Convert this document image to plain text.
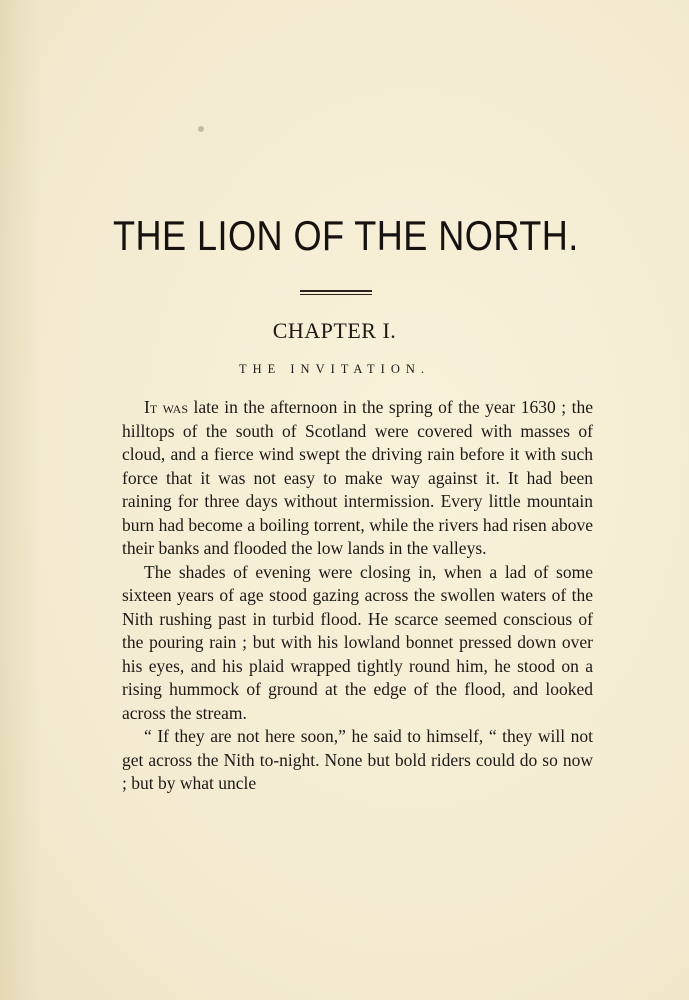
THE LION OF THE NORTH.
CHAPTER I.
THE INVITATION.

It was late in the afternoon in the spring of the year 1630 ; the hilltops of the south of Scotland were covered with masses of cloud, and a fierce wind swept the driving rain before it with such force that it was not easy to make way against it. It had been raining for three days without intermission. Every little mountain burn had become a boiling torrent, while the rivers had risen above their banks and flooded the low lands in the valleys.

The shades of evening were closing in, when a lad of some sixteen years of age stood gazing across the swollen waters of the Nith rushing past in turbid flood. He scarce seemed conscious of the pouring rain ; but with his lowland bonnet pressed down over his eyes, and his plaid wrapped tightly round him, he stood on a rising hummock of ground at the edge of the flood, and looked across the stream.

“ If they are not here soon,” he said to himself, “ they will not get across the Nith to-night. None but bold riders could do so now ; but by what uncle
